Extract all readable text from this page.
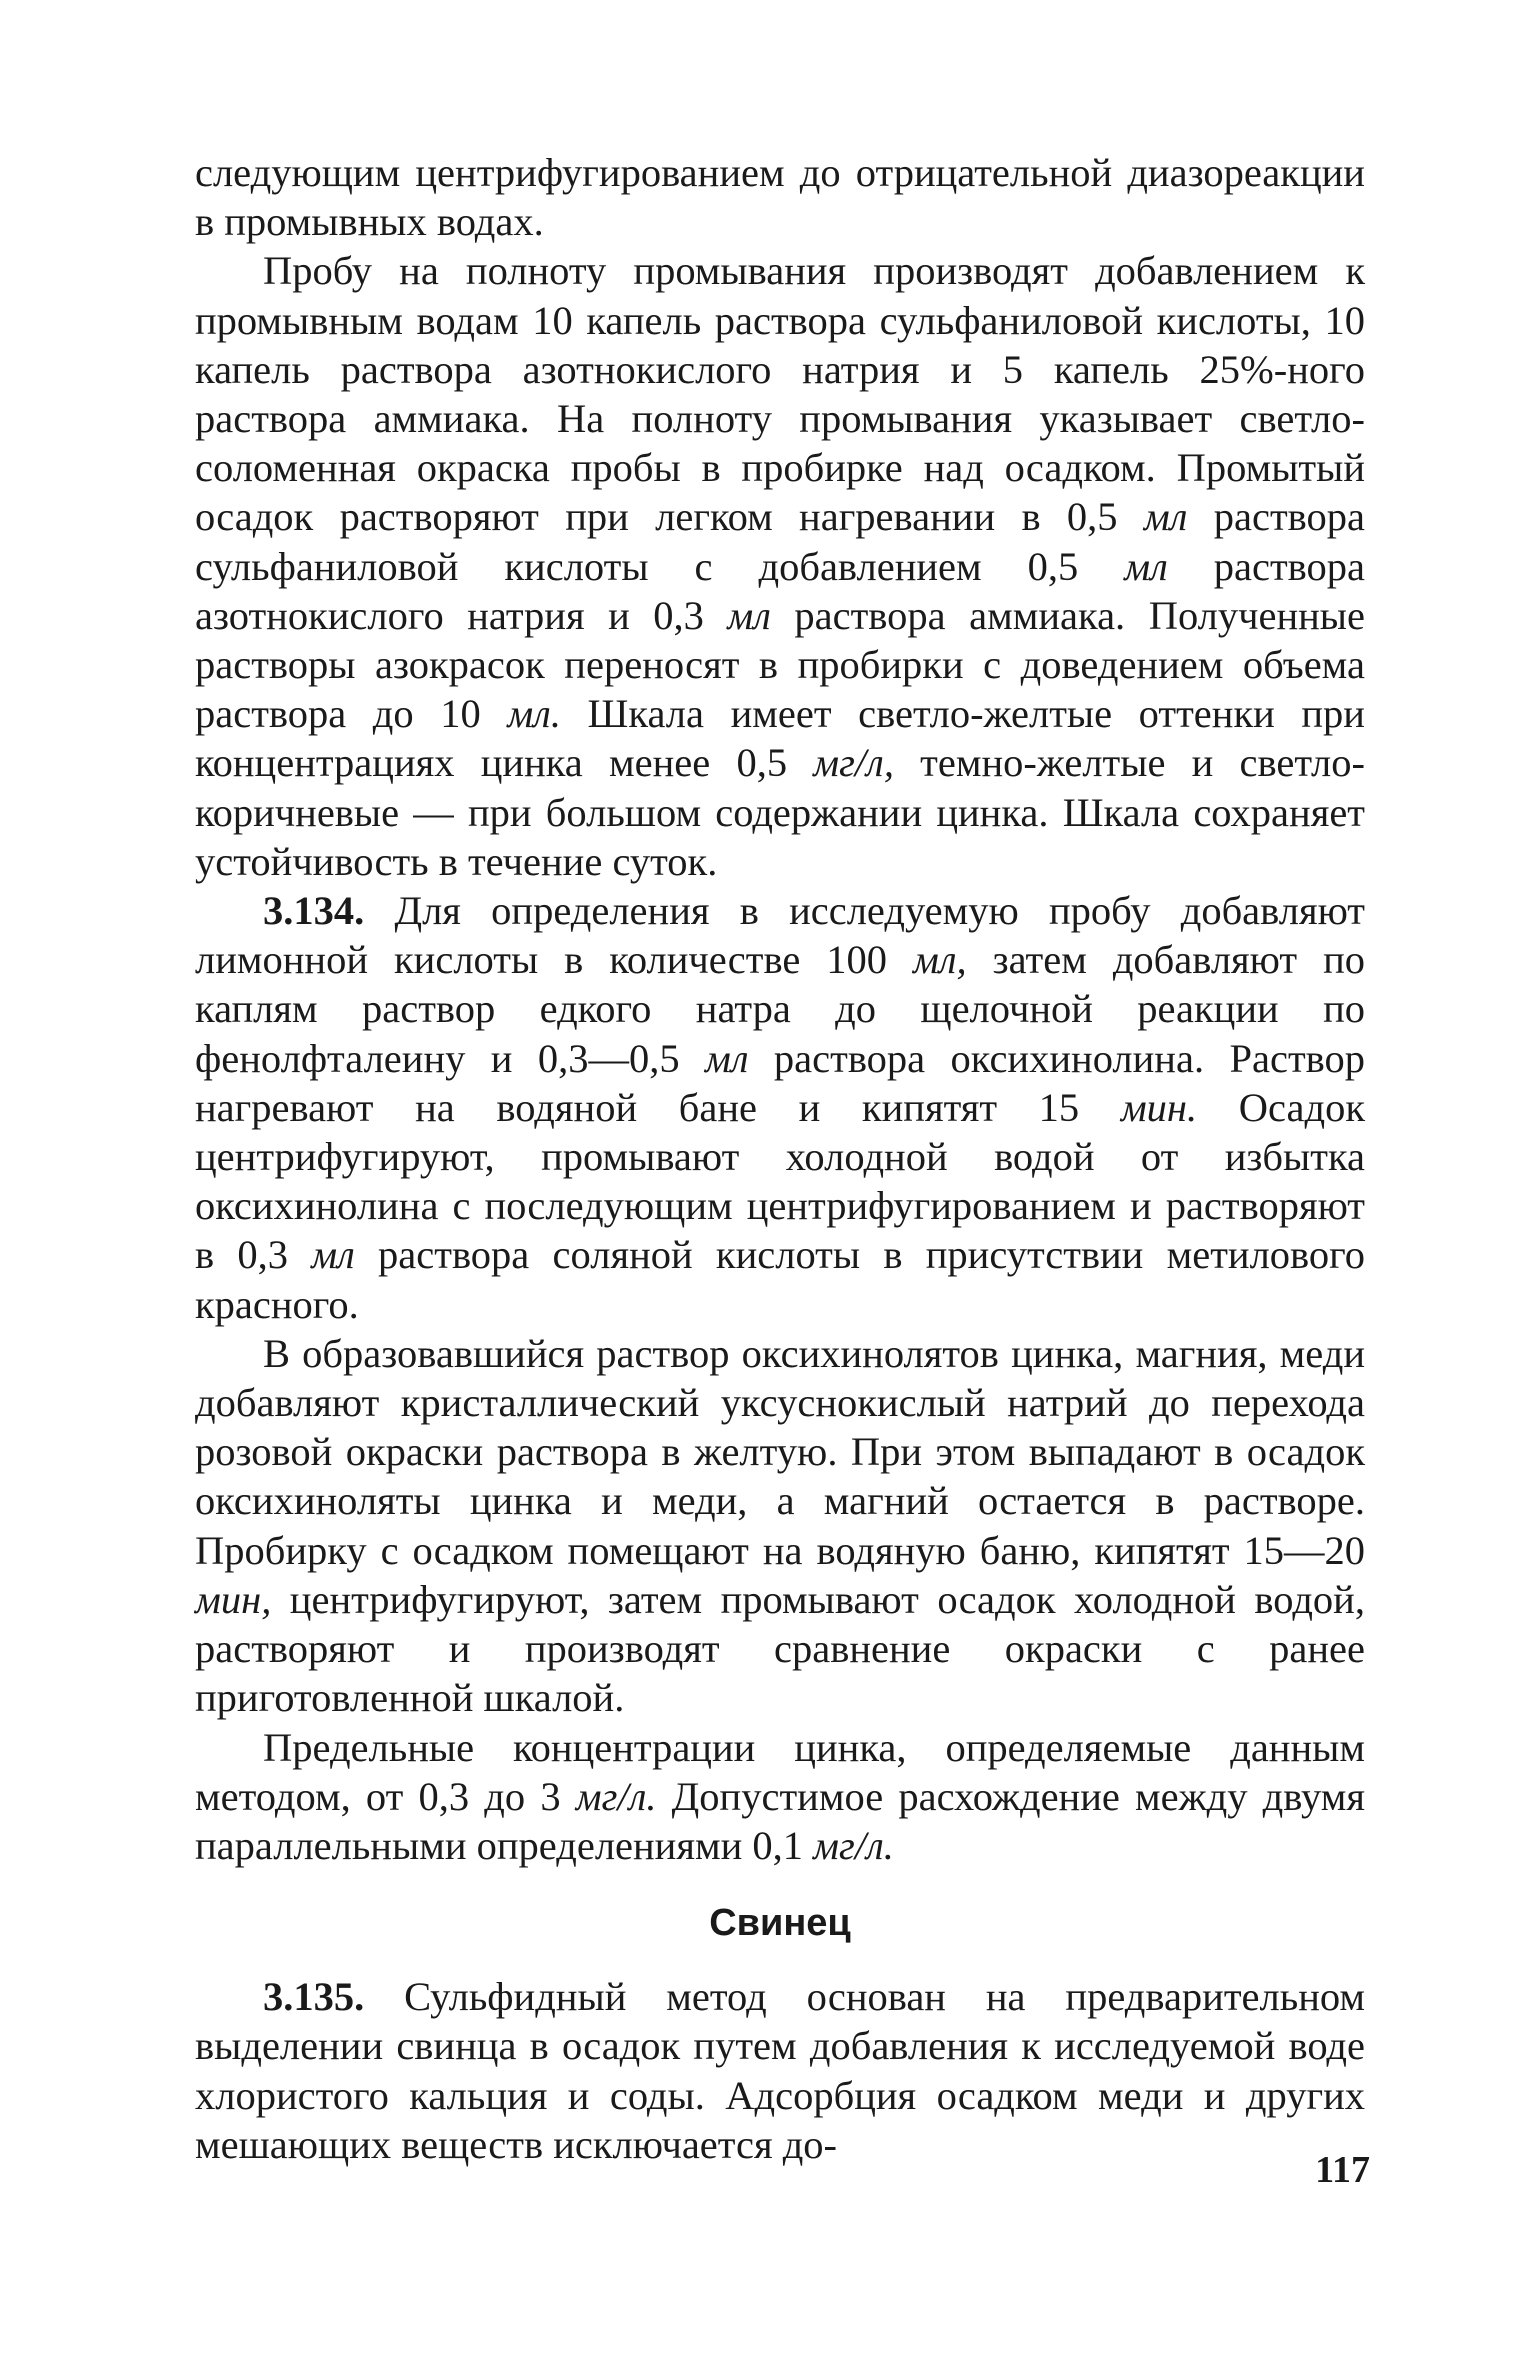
следующим центрифугированием до отрицательной диазореакции в промывных водах.

Пробу на полноту промывания производят добавлением к промывным водам 10 капель раствора сульфаниловой кислоты, 10 капель раствора азотнокислого натрия и 5 капель 25%-ного раствора аммиака. На полноту промывания указывает светло-соломенная окраска пробы в пробирке над осадком. Промытый осадок растворяют при легком нагревании в 0,5 мл раствора сульфаниловой кислоты с добавлением 0,5 мл раствора азотнокислого натрия и 0,3 мл раствора аммиака. Полученные растворы азокрасок переносят в пробирки с доведением объема раствора до 10 мл. Шкала имеет светло-желтые оттенки при концентрациях цинка менее 0,5 мг/л, темно-желтые и светло-коричневые — при большом содержании цинка. Шкала сохраняет устойчивость в течение суток.

3.134. Для определения в исследуемую пробу добавляют лимонной кислоты в количестве 100 мл, затем добавляют по каплям раствор едкого натра до щелочной реакции по фенолфталеину и 0,3—0,5 мл раствора оксихинолина. Раствор нагревают на водяной бане и кипятят 15 мин. Осадок центрифугируют, промывают холодной водой от избытка оксихинолина с последующим центрифугированием и растворяют в 0,3 мл раствора соляной кислоты в присутствии метилового красного.

В образовавшийся раствор оксихинолятов цинка, магния, меди добавляют кристаллический уксуснокислый натрий до перехода розовой окраски раствора в желтую. При этом выпадают в осадок оксихиноляты цинка и меди, а магний остается в растворе. Пробирку с осадком помещают на водяную баню, кипятят 15—20 мин, центрифугируют, затем промывают осадок холодной водой, растворяют и производят сравнение окраски с ранее приготовленной шкалой.

Предельные концентрации цинка, определяемые данным методом, от 0,3 до 3 мг/л. Допустимое расхождение между двумя параллельными определениями 0,1 мг/л.

Свинец

3.135. Сульфидный метод основан на предварительном выделении свинца в осадок путем добавления к исследуемой воде хлористого кальция и соды. Адсорбция осадком меди и других мешающих веществ исключается до-

117
